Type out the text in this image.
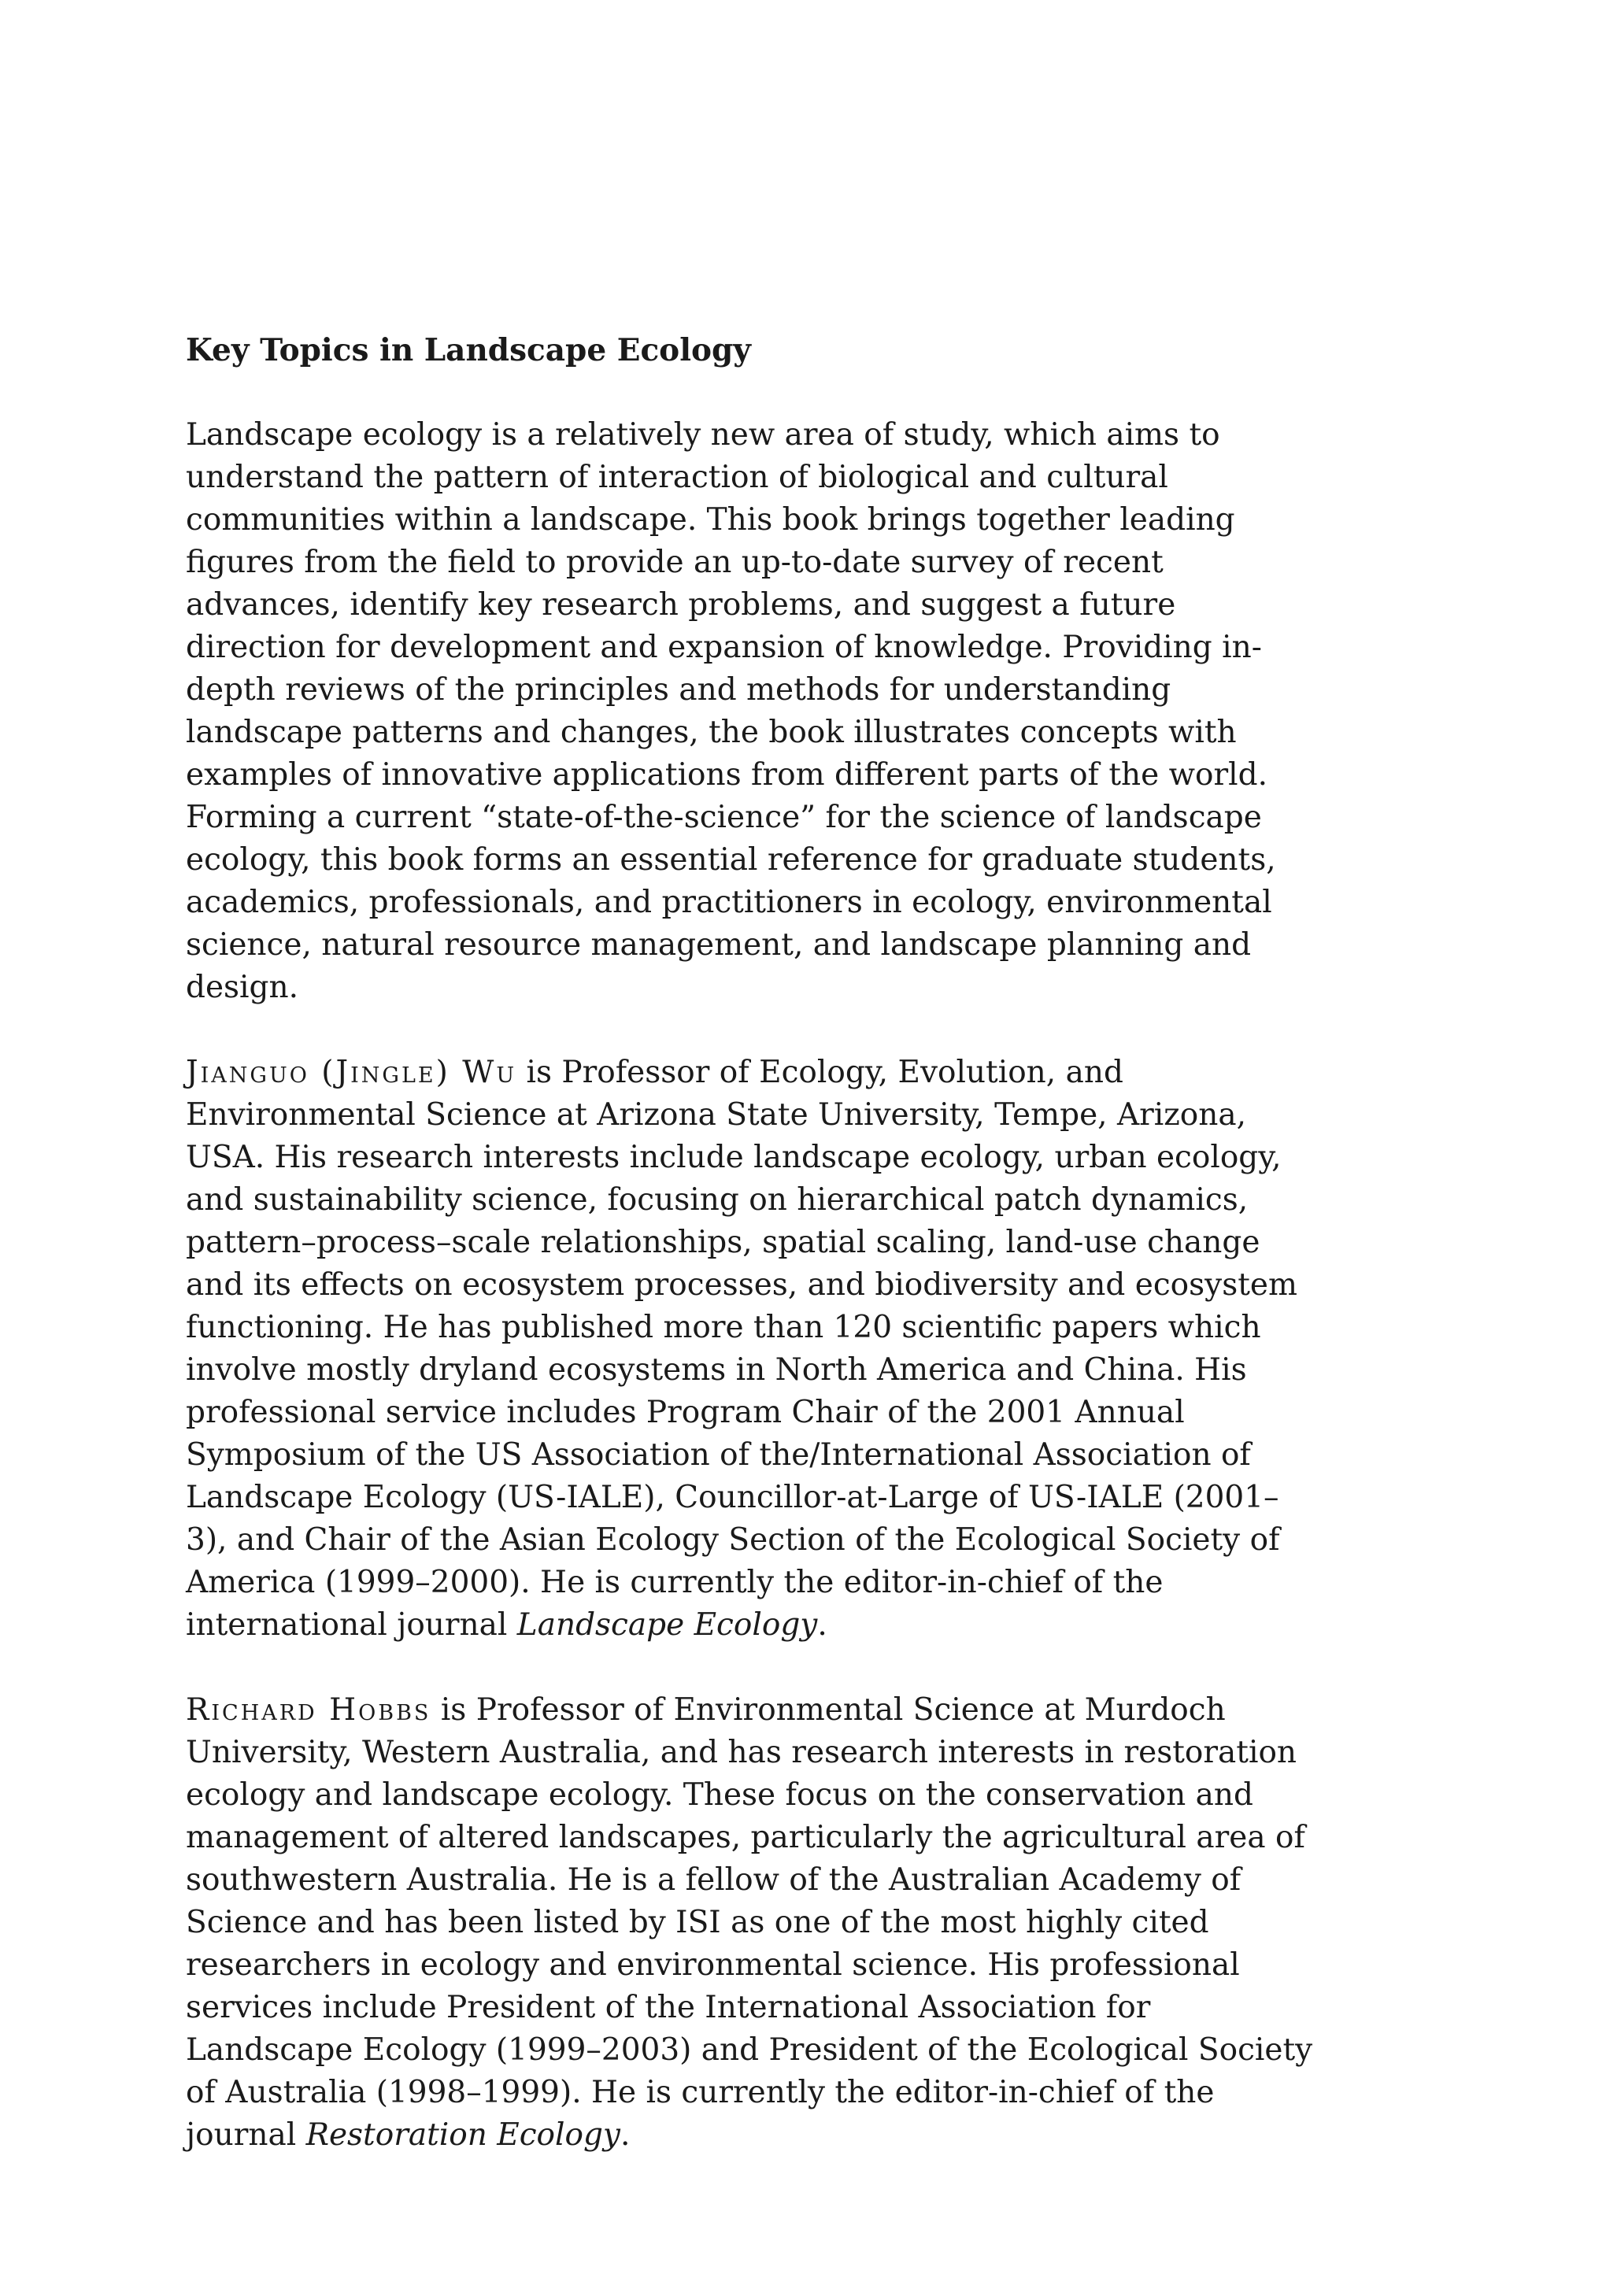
Key Topics in Landscape Ecology

Landscape ecology is a relatively new area of study, which aims to understand the pattern of interaction of biological and cultural communities within a landscape. This book brings together leading figures from the field to provide an up-to-date survey of recent advances, identify key research problems, and suggest a future direction for development and expansion of knowledge. Providing in-depth reviews of the principles and methods for understanding landscape patterns and changes, the book illustrates concepts with examples of innovative applications from different parts of the world. Forming a current “state-of-the-science” for the science of landscape ecology, this book forms an essential reference for graduate students, academics, professionals, and practitioners in ecology, environmental science, natural resource management, and landscape planning and design.

Jianguo (Jingle) Wu is Professor of Ecology, Evolution, and Environmental Science at Arizona State University, Tempe, Arizona, USA. His research interests include landscape ecology, urban ecology, and sustainability science, focusing on hierarchical patch dynamics, pattern–process–scale relationships, spatial scaling, land-use change and its effects on ecosystem processes, and biodiversity and ecosystem functioning. He has published more than 120 scientific papers which involve mostly dryland ecosystems in North America and China. His professional service includes Program Chair of the 2001 Annual Symposium of the US Association of the/International Association of Landscape Ecology (US-IALE), Councillor-at-Large of US-IALE (2001–3), and Chair of the Asian Ecology Section of the Ecological Society of America (1999–2000). He is currently the editor-in-chief of the international journal Landscape Ecology.

Richard Hobbs is Professor of Environmental Science at Murdoch University, Western Australia, and has research interests in restoration ecology and landscape ecology. These focus on the conservation and management of altered landscapes, particularly the agricultural area of southwestern Australia. He is a fellow of the Australian Academy of Science and has been listed by ISI as one of the most highly cited researchers in ecology and environmental science. His professional services include President of the International Association for Landscape Ecology (1999–2003) and President of the Ecological Society of Australia (1998–1999). He is currently the editor-in-chief of the journal Restoration Ecology.
